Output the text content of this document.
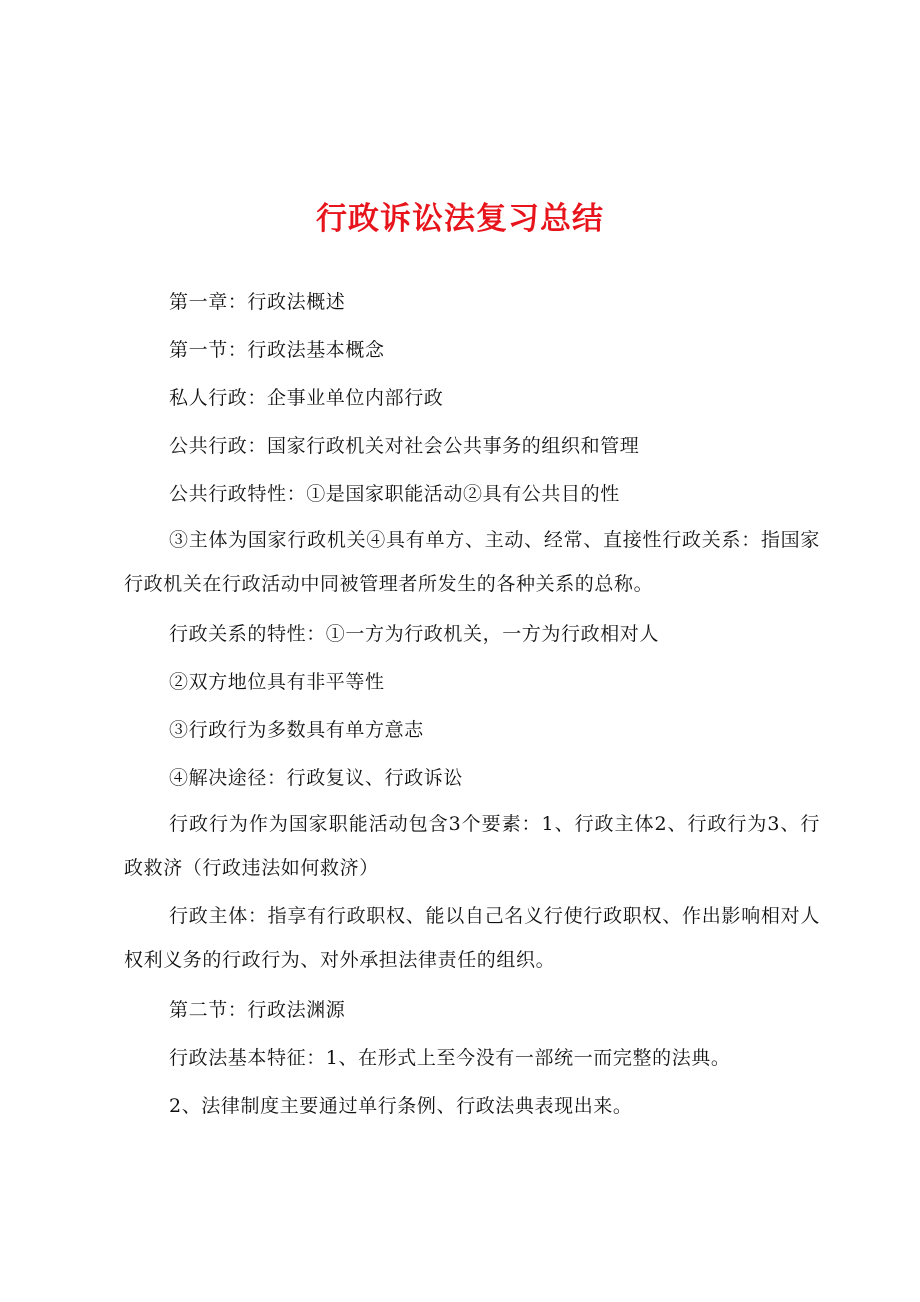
行政诉讼法复习总结

第一章：行政法概述

第一节：行政法基本概念

私人行政：企事业单位内部行政

公共行政：国家行政机关对社会公共事务的组织和管理

公共行政特性：①是国家职能活动②具有公共目的性

③主体为国家行政机关④具有单方、主动、经常、直接性行政关系：指国家行政机关在行政活动中同被管理者所发生的各种关系的总称。

行政关系的特性：①一方为行政机关，一方为行政相对人

②双方地位具有非平等性

③行政行为多数具有单方意志

④解决途径：行政复议、行政诉讼

行政行为作为国家职能活动包含3个要素：1、行政主体2、行政行为3、行政救济（行政违法如何救济）

行政主体：指享有行政职权、能以自己名义行使行政职权、作出影响相对人权利义务的行政行为、对外承担法律责任的组织。

第二节：行政法渊源

行政法基本特征：1、在形式上至今没有一部统一而完整的法典。

2、法律制度主要通过单行条例、行政法典表现出来。
